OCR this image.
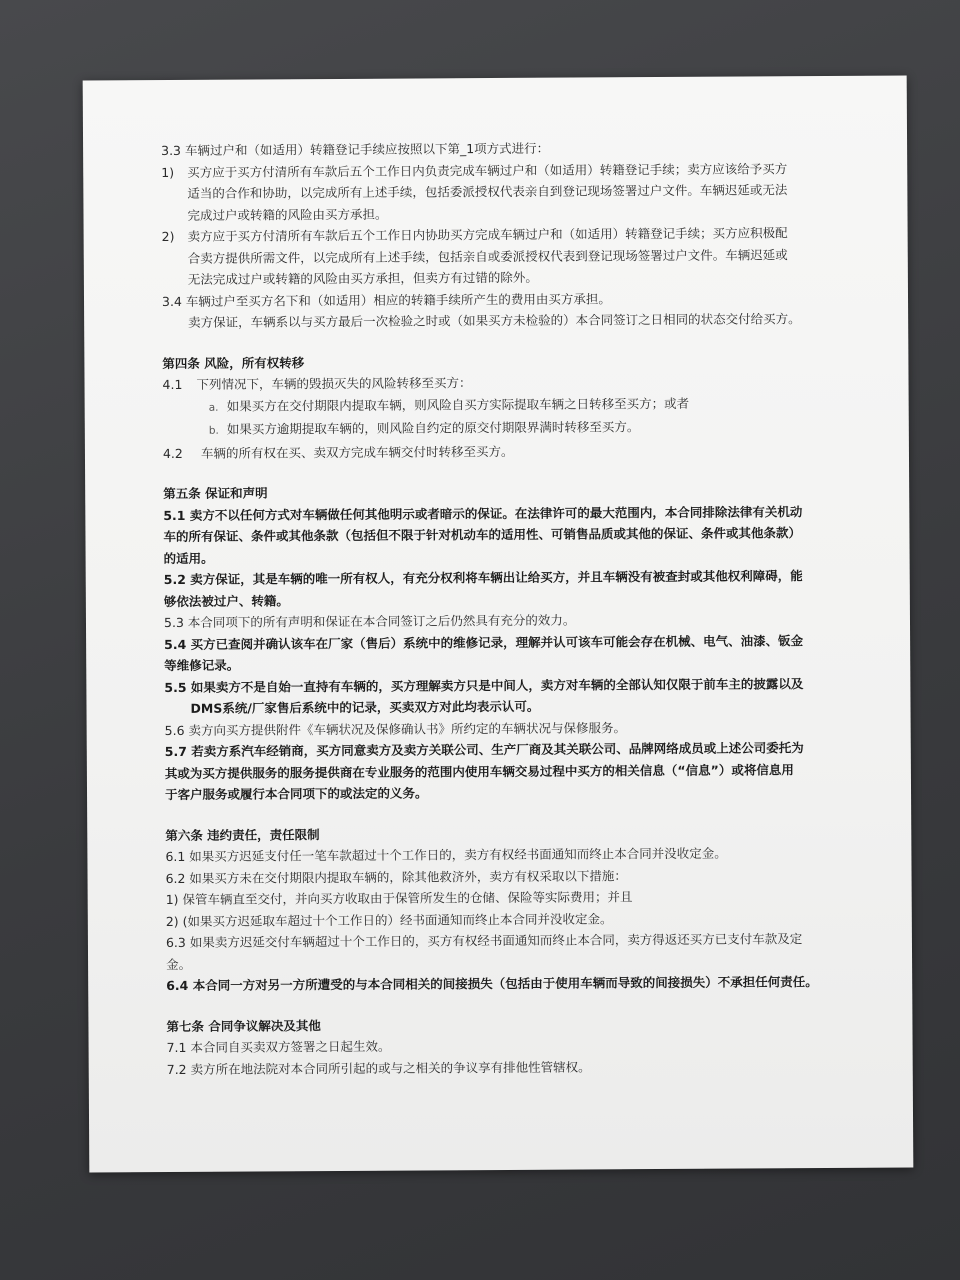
3.3 车辆过户和（如适用）转籍登记手续应按照以下第_1项方式进行：
1) 买方应于买方付清所有车款后五个工作日内负责完成车辆过户和（如适用）转籍登记手续；卖方应该给予买方
适当的合作和协助，以完成所有上述手续，包括委派授权代表亲自到登记现场签署过户文件。车辆迟延或无法
完成过户或转籍的风险由买方承担。
2) 卖方应于买方付清所有车款后五个工作日内协助买方完成车辆过户和（如适用）转籍登记手续；买方应积极配
合卖方提供所需文件，以完成所有上述手续，包括亲自或委派授权代表到登记现场签署过户文件。车辆迟延或
无法完成过户或转籍的风险由买方承担，但卖方有过错的除外。
3.4 车辆过户至买方名下和（如适用）相应的转籍手续所产生的费用由买方承担。
卖方保证，车辆系以与买方最后一次检验之时或（如果买方未检验的）本合同签订之日相同的状态交付给买方。
第四条 风险，所有权转移
4.1 下列情况下，车辆的毁损灭失的风险转移至买方：
a. 如果买方在交付期限内提取车辆，则风险自买方实际提取车辆之日转移至买方；或者
b. 如果买方逾期提取车辆的，则风险自约定的原交付期限界满时转移至买方。
4.2 车辆的所有权在买、卖双方完成车辆交付时转移至买方。
第五条 保证和声明
5.1 卖方不以任何方式对车辆做任何其他明示或者暗示的保证。在法律许可的最大范围内，本合同排除法律有关机动
车的所有保证、条件或其他条款（包括但不限于针对机动车的适用性、可销售品质或其他的保证、条件或其他条款）
的适用。
5.2 卖方保证，其是车辆的唯一所有权人，有充分权利将车辆出让给买方，并且车辆没有被查封或其他权利障碍，能
够依法被过户、转籍。
5.3 本合同项下的所有声明和保证在本合同签订之后仍然具有充分的效力。
5.4 买方已查阅并确认该车在厂家（售后）系统中的维修记录，理解并认可该车可能会存在机械、电气、油漆、钣金
等维修记录。
5.5 如果卖方不是自始一直持有车辆的，买方理解卖方只是中间人，卖方对车辆的全部认知仅限于前车主的披露以及
DMS系统/厂家售后系统中的记录，买卖双方对此均表示认可。
5.6 卖方向买方提供附件《车辆状况及保修确认书》所约定的车辆状况与保修服务。
5.7 若卖方系汽车经销商，买方同意卖方及卖方关联公司、生产厂商及其关联公司、品牌网络成员或上述公司委托为
其或为买方提供服务的服务提供商在专业服务的范围内使用车辆交易过程中买方的相关信息（“信息”）或将信息用
于客户服务或履行本合同项下的或法定的义务。
第六条 违约责任，责任限制
6.1 如果买方迟延支付任一笔车款超过十个工作日的，卖方有权经书面通知而终止本合同并没收定金。
6.2 如果买方未在交付期限内提取车辆的，除其他救济外，卖方有权采取以下措施：
1) 保管车辆直至交付，并向买方收取由于保管所发生的仓储、保险等实际费用；并且
2) (如果买方迟延取车超过十个工作日的）经书面通知而终止本合同并没收定金。
6.3 如果卖方迟延交付车辆超过十个工作日的，买方有权经书面通知而终止本合同，卖方得返还买方已支付车款及定
金。
6.4 本合同一方对另一方所遭受的与本合同相关的间接损失（包括由于使用车辆而导致的间接损失）不承担任何责任。
第七条 合同争议解决及其他
7.1 本合同自买卖双方签署之日起生效。
7.2 卖方所在地法院对本合同所引起的或与之相关的争议享有排他性管辖权。
